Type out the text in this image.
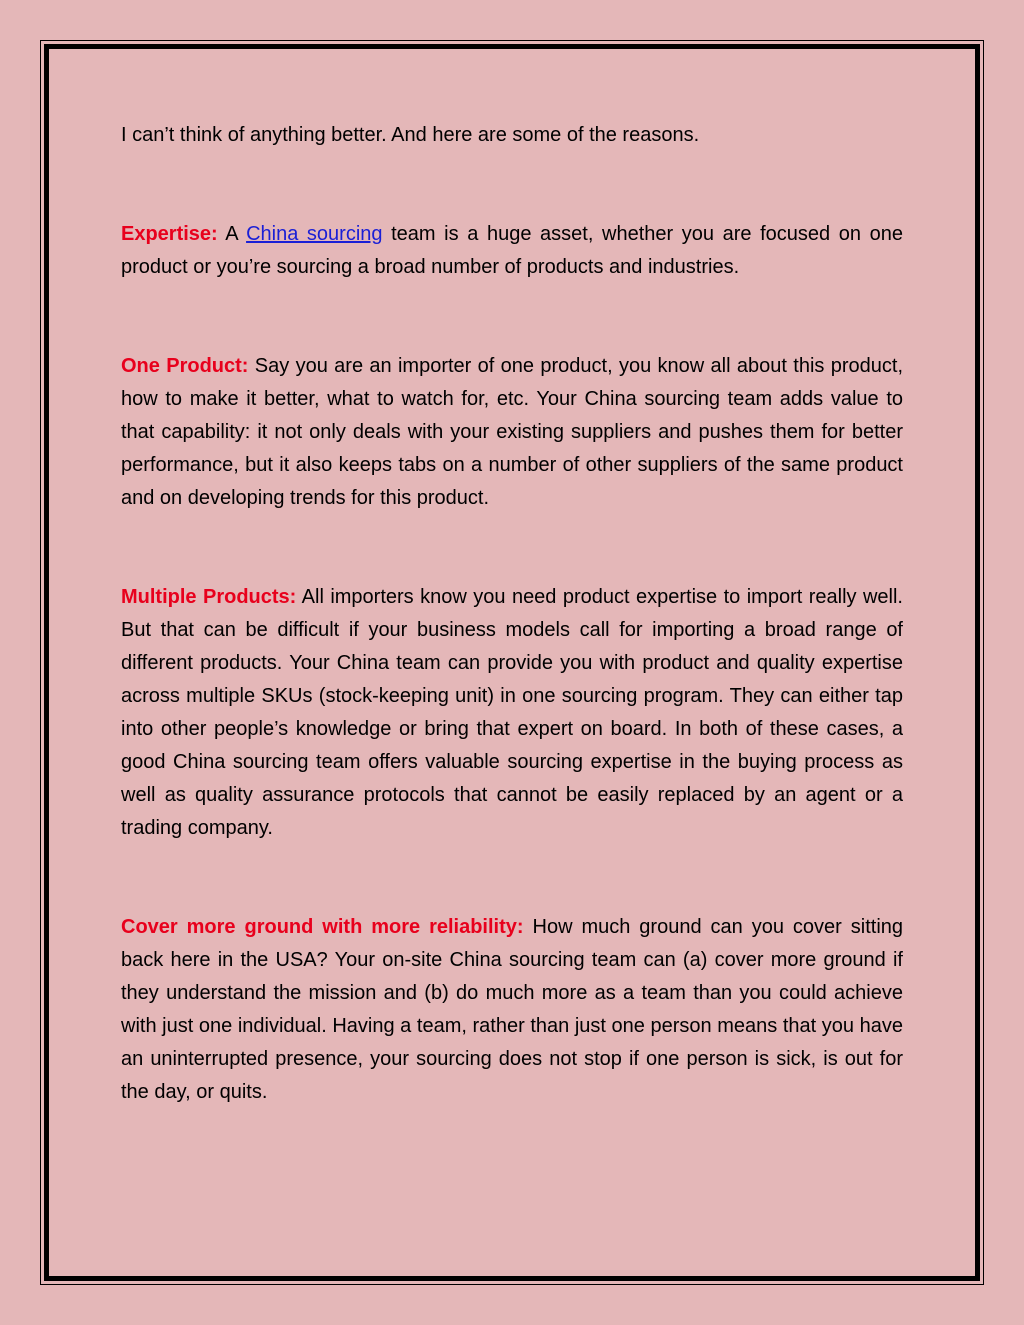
I can’t think of anything better. And here are some of the reasons.

Expertise: A China sourcing team is a huge asset, whether you are focused on one product or you’re sourcing a broad number of products and industries.

One Product: Say you are an importer of one product, you know all about this product, how to make it better, what to watch for, etc. Your China sourcing team adds value to that capability: it not only deals with your existing suppliers and pushes them for better performance, but it also keeps tabs on a number of other suppliers of the same product and on developing trends for this product.

Multiple Products: All importers know you need product expertise to import really well. But that can be difficult if your business models call for importing a broad range of different products. Your China team can provide you with product and quality expertise across multiple SKUs (stock-keeping unit) in one sourcing program. They can either tap into other people’s knowledge or bring that expert on board. In both of these cases, a good China sourcing team offers valuable sourcing expertise in the buying process as well as quality assurance protocols that cannot be easily replaced by an agent or a trading company.

Cover more ground with more reliability: How much ground can you cover sitting back here in the USA? Your on-site China sourcing team can (a) cover more ground if they understand the mission and (b) do much more as a team than you could achieve with just one individual. Having a team, rather than just one person means that you have an uninterrupted presence, your sourcing does not stop if one person is sick, is out for the day, or quits.
